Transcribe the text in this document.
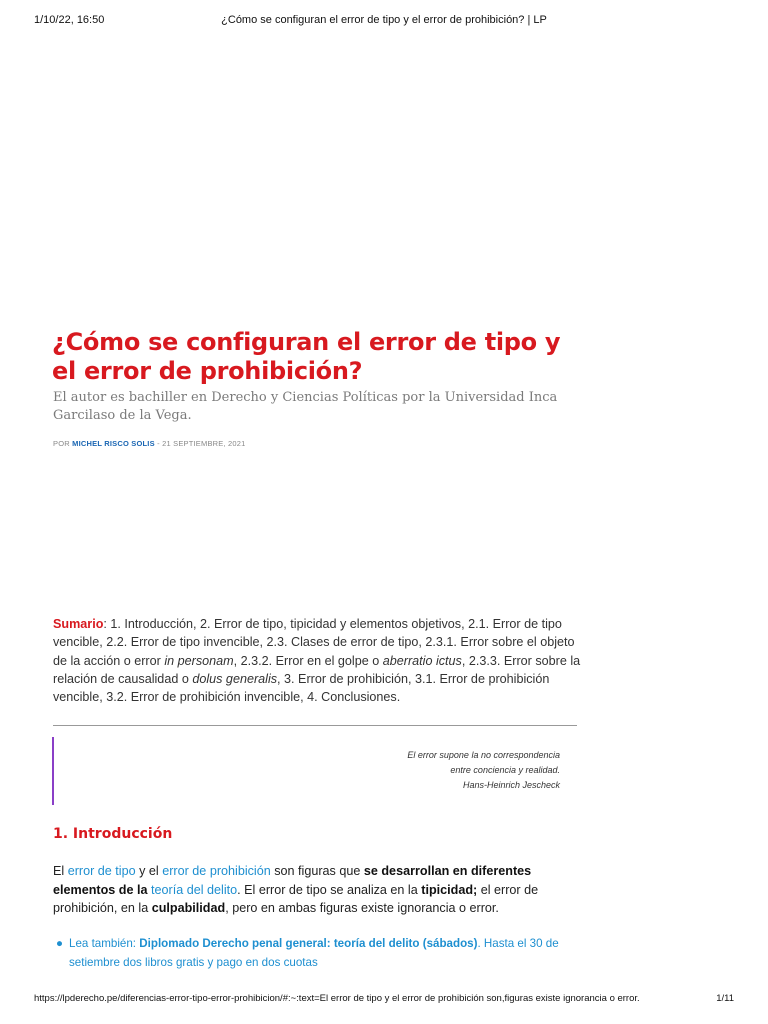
1/10/22, 16:50	¿Cómo se configuran el error de tipo y el error de prohibición? | LP
¿Cómo se configuran el error de tipo y el error de prohibición?

El autor es bachiller en Derecho y Ciencias Políticas por la Universidad Inca Garcilaso de la Vega.

POR MICHEL RISCO SOLIS - 21 SEPTIEMBRE, 2021

Sumario: 1. Introducción, 2. Error de tipo, tipicidad y elementos objetivos, 2.1. Error de tipo vencible, 2.2. Error de tipo invencible, 2.3. Clases de error de tipo, 2.3.1. Error sobre el objeto de la acción o error in personam, 2.3.2. Error en el golpe o aberratio ictus, 2.3.3. Error sobre la relación de causalidad o dolus generalis, 3. Error de prohibición, 3.1. Error de prohibición vencible, 3.2. Error de prohibición invencible, 4. Conclusiones.

El error supone la no correspondencia
entre conciencia y realidad.
Hans-Heinrich Jescheck
1. Introducción

El error de tipo y el error de prohibición son figuras que se desarrollan en diferentes elementos de la teoría del delito. El error de tipo se analiza en la tipicidad; el error de prohibición, en la culpabilidad, pero en ambas figuras existe ignorancia o error.

● Lea también: Diplomado Derecho penal general: teoría del delito (sábados). Hasta el 30 de setiembre dos libros gratis y pago en dos cuotas
https://lpderecho.pe/diferencias-error-tipo-error-prohibicion/#:~:text=El error de tipo y el error de prohibición son,figuras existe ignorancia o error.	1/11
